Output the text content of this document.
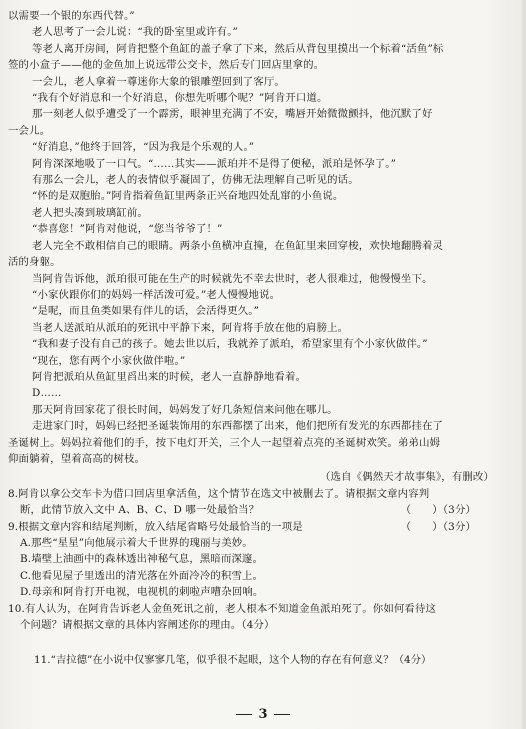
以需要一个银的东西代替。”

老人思考了一会儿说：“我的卧室里或许有。”

等老人离开房间，阿肯把整个鱼缸的盖子拿了下来，然后从背包里摸出一个标着“活鱼”标

签的小盒子——他的金鱼加上说远带公交卡，然后专门回店里拿的。

一会儿，老人拿着一尊迷你大象的银雕塑回到了客厅。

“我有个好消息和一个好消息，你想先听哪个呢？”阿肯开口道。

那一刻老人似乎遭受了一个霹雳，眼神里充满了不安，嘴唇开始微微颤抖，他沉默了好

一会儿。

“好消息，”他终于回答，“因为我是个乐观的人。”

阿肯深深地吸了一口气。“……其实——派珀并不是得了便秘，派珀是怀孕了。”

有那么一会儿，老人的表情似乎凝固了，仿佛无法理解自己听见的话。

“怀的是双胞胎。”阿肯指着鱼缸里两条正兴奋地四处乱窜的小鱼说。

老人把头凑到玻璃缸前。

“恭喜您！”阿肯对他说，“您当爷爷了！”

老人完全不敢相信自己的眼睛。两条小鱼横冲直撞，在鱼缸里来回穿梭，欢快地翻腾着灵

活的身躯。

当阿肯告诉他，派珀很可能在生产的时候就先不幸去世时，老人很难过，他慢慢坐下。

“小家伙跟你们的妈妈一样活泼可爱。”老人慢慢地说。

“是呢，而且鱼类如果有伴儿的话，会活得更久。”

当老人送派珀从派珀的死讯中平静下来，阿肯将手放在他的肩膀上。

“我和妻子没有自己的孩子。她去世以后，我就养了派珀，希望家里有个小家伙做伴。”

“现在，您有两个小家伙做伴啦。”

阿肯把派珀从鱼缸里舀出来的时候，老人一直静静地看着。

D……

那天阿肯回家花了很长时间，妈妈发了好几条短信来问他在哪儿。

走进家门时，妈妈已经把圣诞装饰用的东西都摆了出来，他们把所有发光的东西都挂在了

圣诞树上。妈妈拉着他们的手，按下电灯开关，三个人一起望着点亮的圣诞树欢笑。弟弟山姆

仰面躺着，望着高高的树枝。

（选自《偶然天才故事集》，有删改）

8.阿肯以拿公交车卡为借口回店里拿活鱼，这个情节在选文中被删去了。请根据文章内容判

断，此情节放入文中 A、B、C、D 哪一处最恰当？	（　　）（3分）

9.根据文章内容和结尾判断，放入结尾省略号处最恰当的一项是	（　　）（3分）

A.那些“星星”向他展示着大千世界的瑰丽与美妙。

B.墙壁上油画中的森林透出神秘气息，黑暗而深邃。

C.他看见屋子里透出的清光落在外面冷冷的积雪上。

D.母亲和阿肯打开电视，电视机的刺啦声嘈杂回响。

10.有人认为，在阿肯告诉老人金鱼死讯之前，老人根本不知道金鱼派珀死了。你如何看待这

个问题？请根据文章的具体内容阐述你的理由。（4分）

11.“吉拉德”在小说中仅寥寥几笔，似乎很不起眼，这个人物的存在有何意义？（4分）
3
